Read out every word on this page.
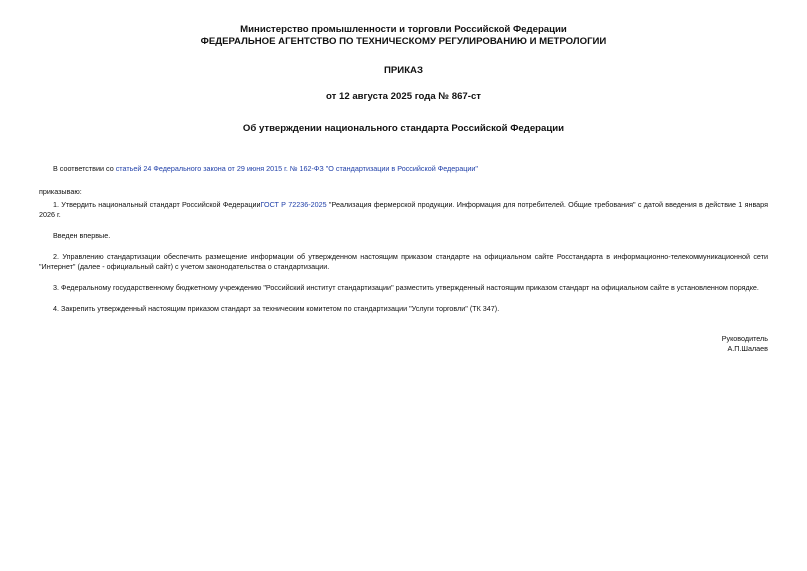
Министерство промышленности и торговли Российской Федерации
ФЕДЕРАЛЬНОЕ АГЕНТСТВО ПО ТЕХНИЧЕСКОМУ РЕГУЛИРОВАНИЮ И МЕТРОЛОГИИ
ПРИКАЗ
от 12 августа 2025 года № 867-ст
Об утверждении национального стандарта Российской Федерации
В соответствии со статьей 24 Федерального закона от 29 июня 2015 г. № 162-ФЗ "О стандартизации в Российской Федерации"
приказываю:
1. Утвердить национальный стандарт Российской ФедерацииГОСТ Р 72236-2025 "Реализация фермерской продукции. Информация для потребителей. Общие требования" с датой введения в действие 1 января 2026 г.
Введен впервые.
2. Управлению стандартизации обеспечить размещение информации об утвержденном настоящим приказом стандарте на официальном сайте Росстандарта в информационно-телекоммуникационной сети "Интернет" (далее - официальный сайт) с учетом законодательства о стандартизации.
3. Федеральному государственному бюджетному учреждению "Российский институт стандартизации" разместить утвержденный настоящим приказом стандарт на официальном сайте в установленном порядке.
4. Закрепить утвержденный настоящим приказом стандарт за техническим комитетом по стандартизации "Услуги торговли" (ТК 347).
Руководитель
А.П.Шалаев
